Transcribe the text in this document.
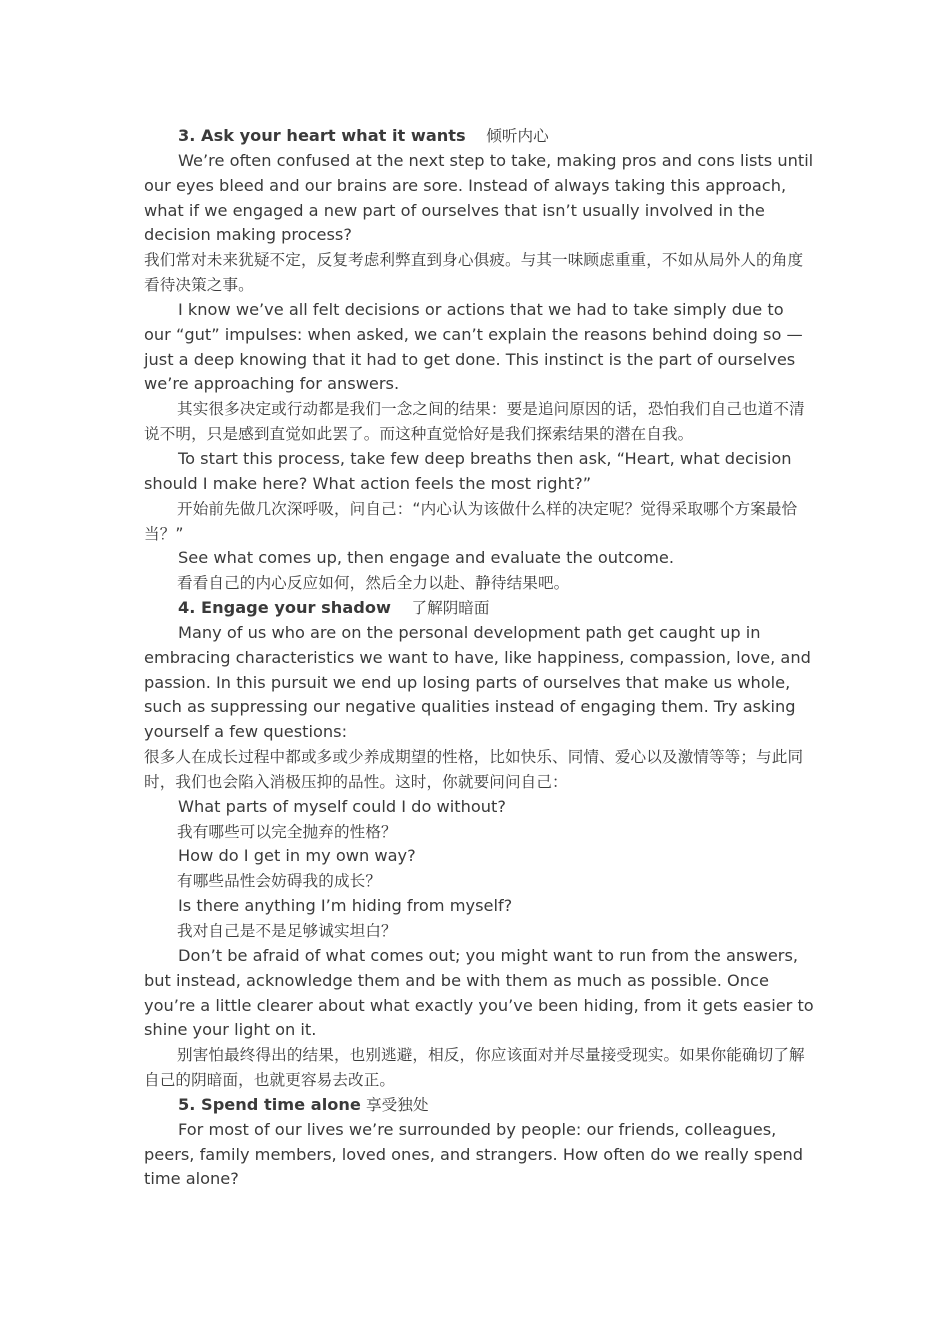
3. Ask your heart what it wants 倾听内心

We’re often confused at the next step to take, making pros and cons lists until our eyes bleed and our brains are sore. Instead of always taking this approach, what if we engaged a new part of ourselves that isn’t usually involved in the decision making process?

我们常对未来犹疑不定，反复考虑利弊直到身心俱疲。与其一味顾虑重重，不如从局外人的角度看待决策之事。

I know we’ve all felt decisions or actions that we had to take simply due to our “gut” impulses: when asked, we can’t explain the reasons behind doing so — just a deep knowing that it had to get done. This instinct is the part of ourselves we’re approaching for answers.

其实很多决定或行动都是我们一念之间的结果：要是追问原因的话，恐怕我们自己也道不清说不明，只是感到直觉如此罢了。而这种直觉恰好是我们探索结果的潜在自我。

To start this process, take few deep breaths then ask, “Heart, what decision should I make here? What action feels the most right?”

开始前先做几次深呼吸，问自己：“内心认为该做什么样的决定呢？觉得采取哪个方案最恰当？”

See what comes up, then engage and evaluate the outcome.

看看自己的内心反应如何，然后全力以赴、静待结果吧。

4. Engage your shadow 了解阴暗面

Many of us who are on the personal development path get caught up in embracing characteristics we want to have, like happiness, compassion, love, and passion. In this pursuit we end up losing parts of ourselves that make us whole, such as suppressing our negative qualities instead of engaging them. Try asking yourself a few questions:

很多人在成长过程中都或多或少养成期望的性格，比如快乐、同情、爱心以及激情等等；与此同时，我们也会陷入消极压抑的品性。这时，你就要问问自己：

What parts of myself could I do without?

我有哪些可以完全抛弃的性格？

How do I get in my own way?

有哪些品性会妨碍我的成长？

Is there anything I’m hiding from myself?

我对自己是不是足够诚实坦白？

Don’t be afraid of what comes out; you might want to run from the answers, but instead, acknowledge them and be with them as much as possible. Once you’re a little clearer about what exactly you’ve been hiding, from it gets easier to shine your light on it.

别害怕最终得出的结果，也别逃避，相反，你应该面对并尽量接受现实。如果你能确切了解自己的阴暗面，也就更容易去改正。

5. Spend time alone 享受独处

For most of our lives we’re surrounded by people: our friends, colleagues, peers, family members, loved ones, and strangers. How often do we really spend time alone?
